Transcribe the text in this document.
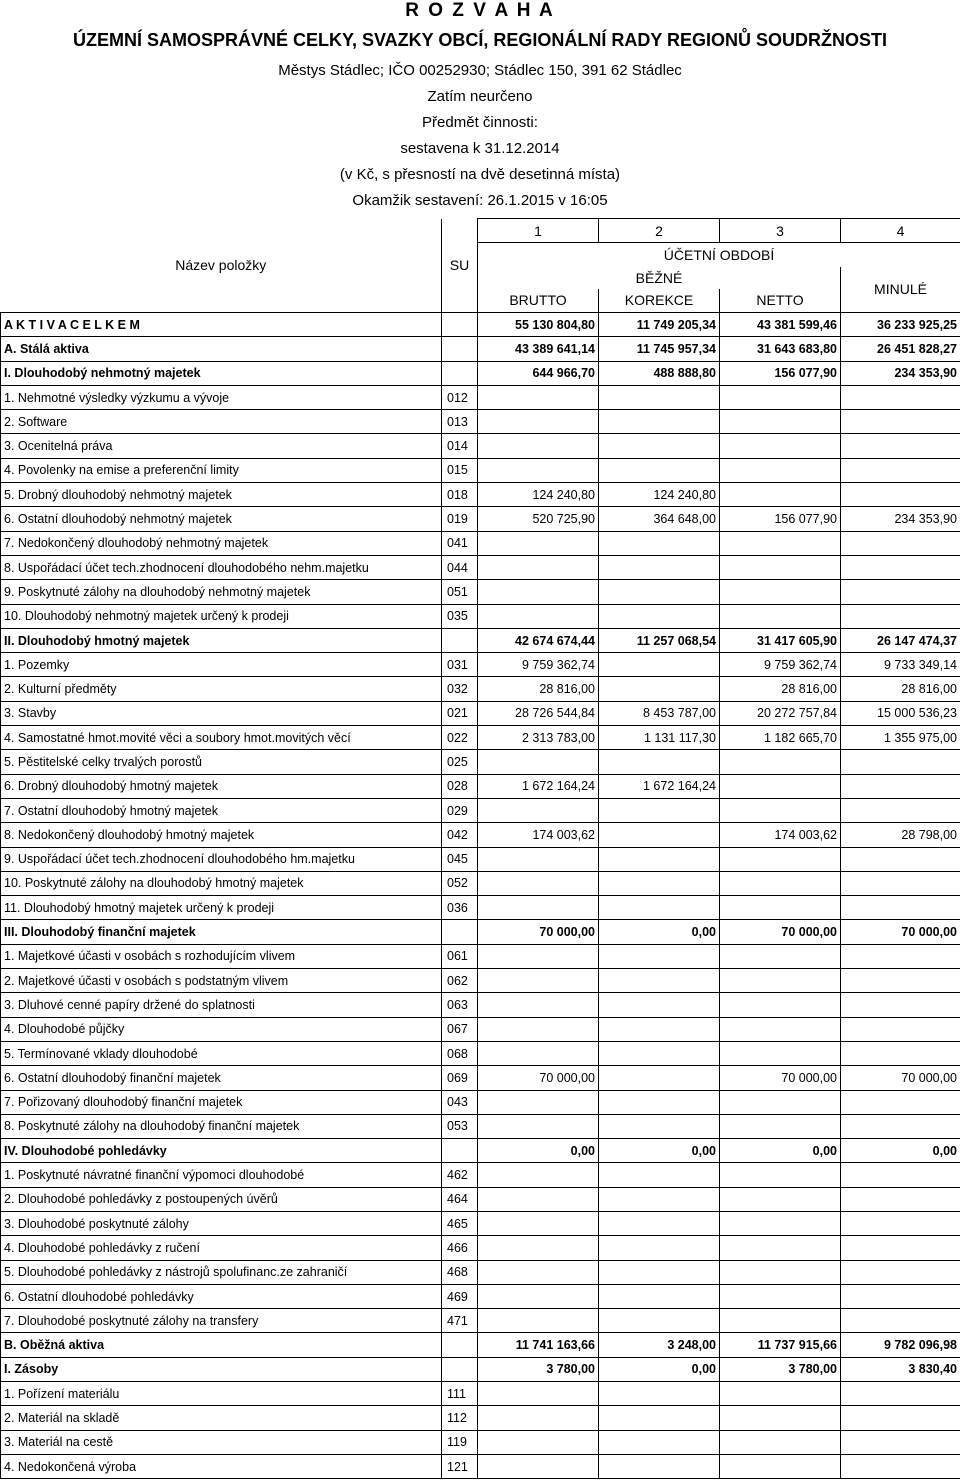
R O Z V A H A
ÚZEMNÍ SAMOSPRÁVNÉ CELKY, SVAZKY OBCÍ, REGIONÁLNÍ RADY REGIONŮ SOUDRŽNOSTI
Městys Stádlec; IČO 00252930; Stádlec 150, 391 62 Stádlec
Zatím neurčeno
Předmět činnosti:
sestavena k 31.12.2014
(v Kč, s přesností na dvě desetinná místa)
Okamžik sestavení: 26.1.2015 v 16:05
Název položky	SU	1	2	3	4
		ÚČETNÍ OBDOBÍ			
		BĚŽNÉ			MINULÉ
		BRUTTO	KOREKCE	NETTO	
A K T I V A C E L K E M		55 130 804,80	11 749 205,34	43 381 599,46	36 233 925,25
A. Stálá aktiva		43 389 641,14	11 745 957,34	31 643 683,80	26 451 828,27
I. Dlouhodobý nehmotný majetek		644 966,70	488 888,80	156 077,90	234 353,90
1. Nehmotné výsledky výzkumu a vývoje	012				
2. Software	013				
3. Ocenitelná práva	014				
4. Povolenky na emise a preferenční limity	015				
5. Drobný dlouhodobý nehmotný majetek	018	124 240,80	124 240,80		
6. Ostatní dlouhodobý nehmotný majetek	019	520 725,90	364 648,00	156 077,90	234 353,90
7. Nedokončený dlouhodobý nehmotný majetek	041				
8. Uspořádací účet tech.zhodnocení dlouhodobého nehm.majetku	044				
9. Poskytnuté zálohy na dlouhodobý nehmotný majetek	051				
10. Dlouhodobý nehmotný majetek určený k prodeji	035				
II. Dlouhodobý hmotný majetek		42 674 674,44	11 257 068,54	31 417 605,90	26 147 474,37
1. Pozemky	031	9 759 362,74		9 759 362,74	9 733 349,14
2. Kulturní předměty	032	28 816,00		28 816,00	28 816,00
3. Stavby	021	28 726 544,84	8 453 787,00	20 272 757,84	15 000 536,23
4. Samostatné hmot.movité věci a soubory hmot.movitých věcí	022	2 313 783,00	1 131 117,30	1 182 665,70	1 355 975,00
5. Pěstitelské celky trvalých porostů	025				
6. Drobný dlouhodobý hmotný majetek	028	1 672 164,24	1 672 164,24		
7. Ostatní dlouhodobý hmotný majetek	029				
8. Nedokončený dlouhodobý hmotný majetek	042	174 003,62		174 003,62	28 798,00
9. Uspořádací účet tech.zhodnocení dlouhodobého hm.majetku	045				
10. Poskytnuté zálohy na dlouhodobý hmotný majetek	052				
11. Dlouhodobý hmotný majetek určený k prodeji	036				
III. Dlouhodobý finanční majetek		70 000,00	0,00	70 000,00	70 000,00
1. Majetkové účasti v osobách s rozhodujícím vlivem	061				
2. Majetkové účasti v osobách s podstatným vlivem	062				
3. Dluhové cenné papíry držené do splatnosti	063				
4. Dlouhodobé půjčky	067				
5. Termínované vklady dlouhodobé	068				
6. Ostatní dlouhodobý finanční majetek	069	70 000,00		70 000,00	70 000,00
7. Pořizovaný dlouhodobý finanční majetek	043				
8. Poskytnuté zálohy na dlouhodobý finanční majetek	053				
IV. Dlouhodobé pohledávky		0,00	0,00	0,00	0,00
1. Poskytnuté návratné finanční výpomoci dlouhodobé	462				
2. Dlouhodobé pohledávky z postoupených úvěrů	464				
3. Dlouhodobé poskytnuté zálohy	465				
4. Dlouhodobé pohledávky z ručení	466				
5. Dlouhodobé pohledávky z nástrojů spolufinanc.ze zahraničí	468				
6. Ostatní dlouhodobé pohledávky	469				
7. Dlouhodobé poskytnuté zálohy na transfery	471				
B. Oběžná aktiva		11 741 163,66	3 248,00	11 737 915,66	9 782 096,98
I. Zásoby		3 780,00	0,00	3 780,00	3 830,40
1. Pořízení materiálu	111				
2. Materiál na skladě	112				
3. Materiál na cestě	119				
4. Nedokončená výroba	121				
